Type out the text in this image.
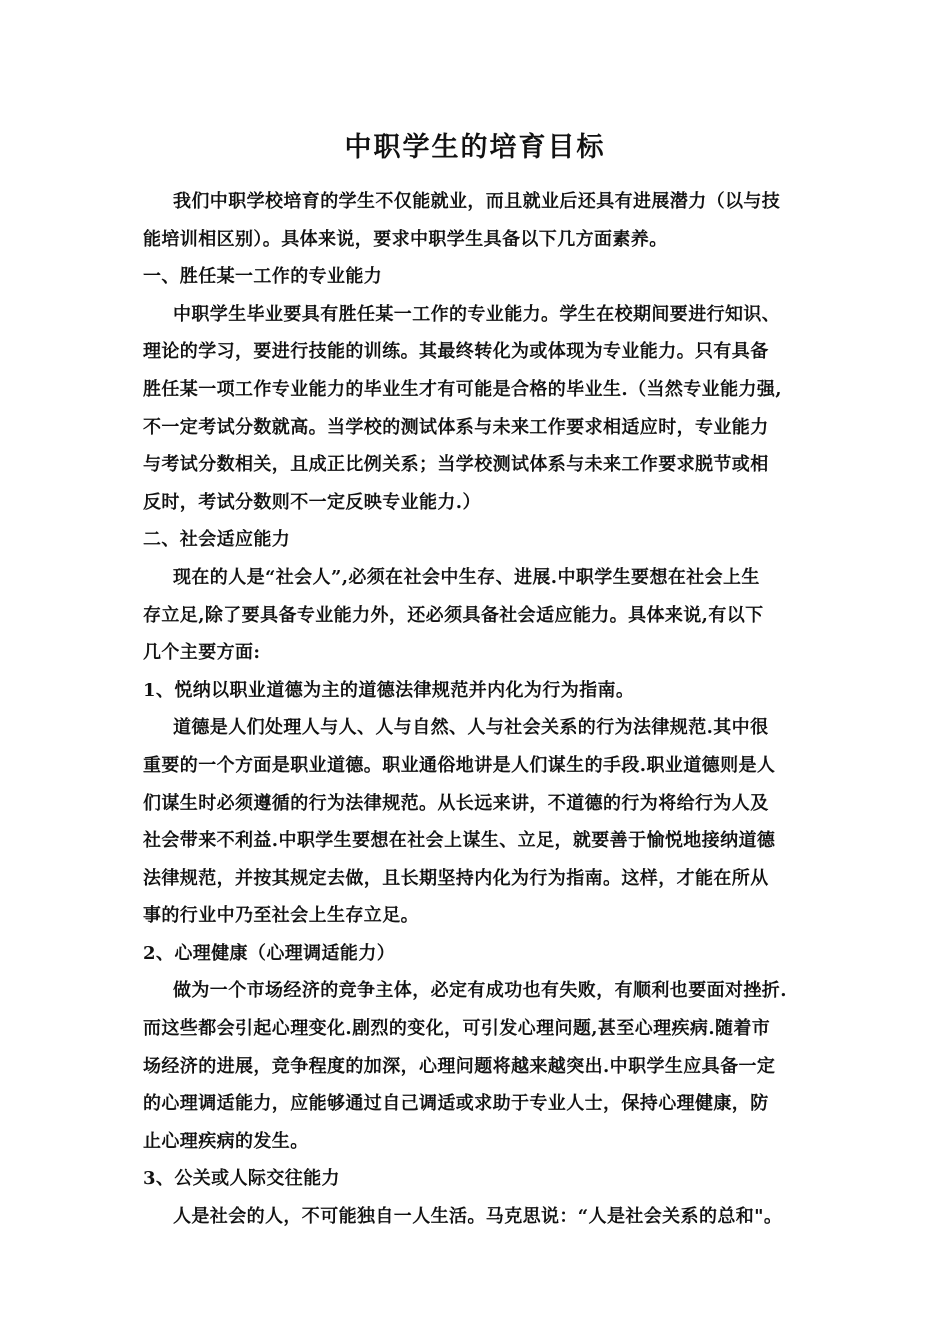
中职学生的培育目标
我们中职学校培育的学生不仅能就业，而且就业后还具有进展潜力（以与技
能培训相区别）。具体来说，要求中职学生具备以下几方面素养。
一、胜任某一工作的专业能力
中职学生毕业要具有胜任某一工作的专业能力。学生在校期间要进行知识、
理论的学习，要进行技能的训练。其最终转化为或体现为专业能力。只有具备
胜任某一项工作专业能力的毕业生才有可能是合格的毕业生.（当然专业能力强,
不一定考试分数就高。当学校的测试体系与未来工作要求相适应时，专业能力
与考试分数相关，且成正比例关系；当学校测试体系与未来工作要求脱节或相
反时，考试分数则不一定反映专业能力.）
二、社会适应能力
现在的人是“社会人”,必须在社会中生存、进展.中职学生要想在社会上生
存立足,除了要具备专业能力外，还必须具备社会适应能力。具体来说,有以下
几个主要方面:
1、悦纳以职业道德为主的道德法律规范并内化为行为指南。
道德是人们处理人与人、人与自然、人与社会关系的行为法律规范.其中很
重要的一个方面是职业道德。职业通俗地讲是人们谋生的手段.职业道德则是人
们谋生时必须遵循的行为法律规范。从长远来讲，不道德的行为将给行为人及
社会带来不利益.中职学生要想在社会上谋生、立足，就要善于愉悦地接纳道德
法律规范，并按其规定去做，且长期坚持内化为行为指南。这样，才能在所从
事的行业中乃至社会上生存立足。
2、心理健康（心理调适能力）
做为一个市场经济的竞争主体，必定有成功也有失败，有顺利也要面对挫折.
而这些都会引起心理变化.剧烈的变化，可引发心理问题,甚至心理疾病.随着市
场经济的进展，竞争程度的加深，心理问题将越来越突出.中职学生应具备一定
的心理调适能力，应能够通过自己调适或求助于专业人士，保持心理健康，防
止心理疾病的发生。
3、公关或人际交往能力
人是社会的人，不可能独自一人生活。马克思说：“人是社会关系的总和"。
